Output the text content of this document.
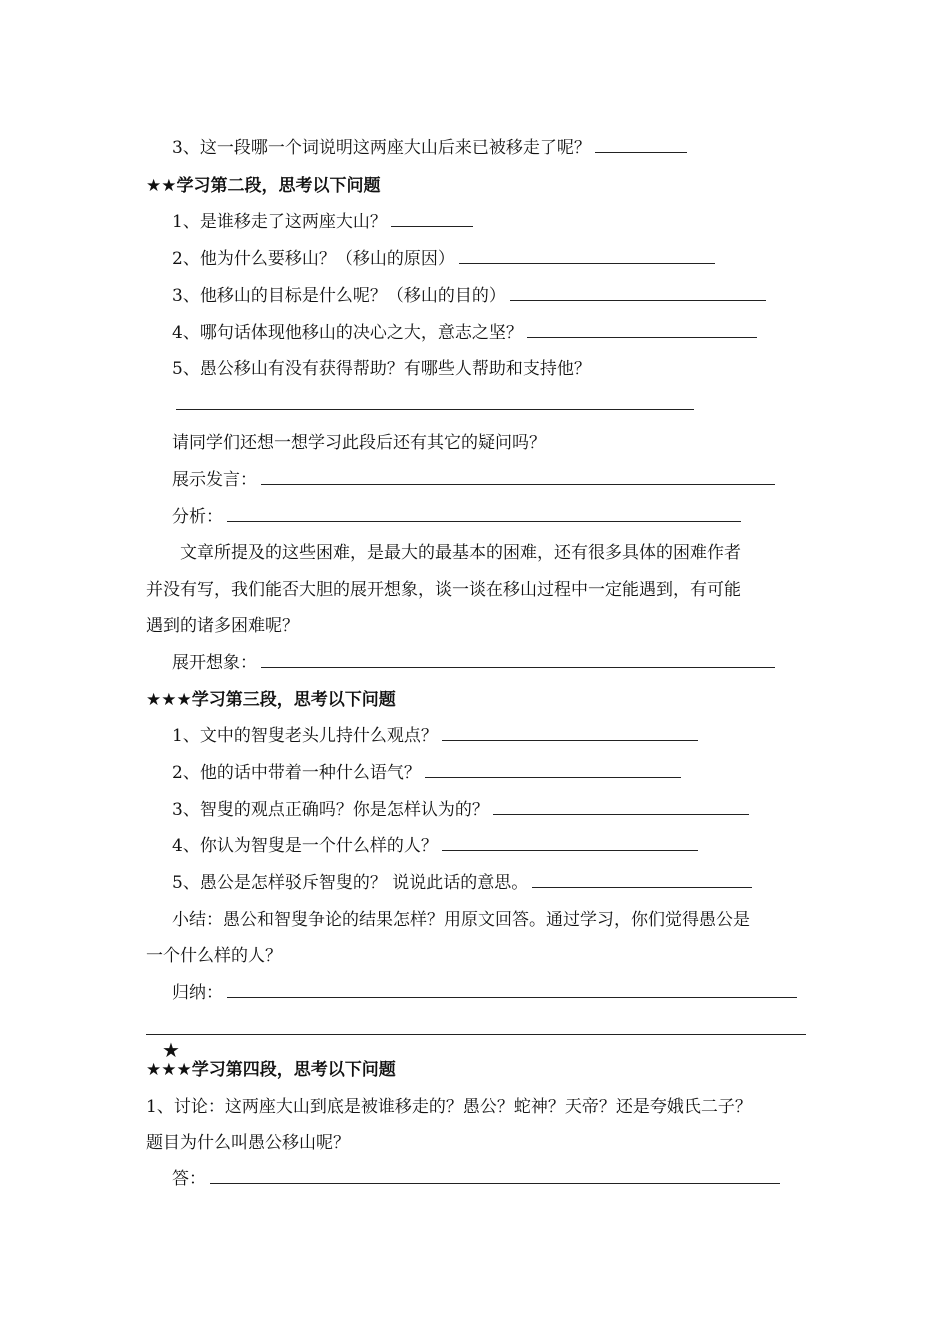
3、这一段哪一个词说明这两座大山后来已被移走了呢？
★★学习第二段，思考以下问题
1、是谁移走了这两座大山？
2、他为什么要移山？（移山的原因）
3、他移山的目标是什么呢？（移山的目的）
4、哪句话体现他移山的决心之大，意志之坚？
5、愚公移山有没有获得帮助？有哪些人帮助和支持他？
请同学们还想一想学习此段后还有其它的疑问吗？
展示发言：
分析：
文章所提及的这些困难，是最大的最基本的困难，还有很多具体的困难作者
并没有写，我们能否大胆的展开想象，谈一谈在移山过程中一定能遇到，有可能
遇到的诸多困难呢？
展开想象：
★★★学习第三段，思考以下问题
1、文中的智叟老头儿持什么观点？
2、他的话中带着一种什么语气？
3、智叟的观点正确吗？你是怎样认为的？
4、你认为智叟是一个什么样的人？
5、愚公是怎样驳斥智叟的？ 说说此话的意思。
小结：愚公和智叟争论的结果怎样？用原文回答。通过学习，你们觉得愚公是
一个什么样的人？
归纳：
★
★★★学习第四段，思考以下问题
1、讨论：这两座大山到底是被谁移走的？愚公？蛇神？天帝？还是夸娥氏二子？
题目为什么叫愚公移山呢？
答：
